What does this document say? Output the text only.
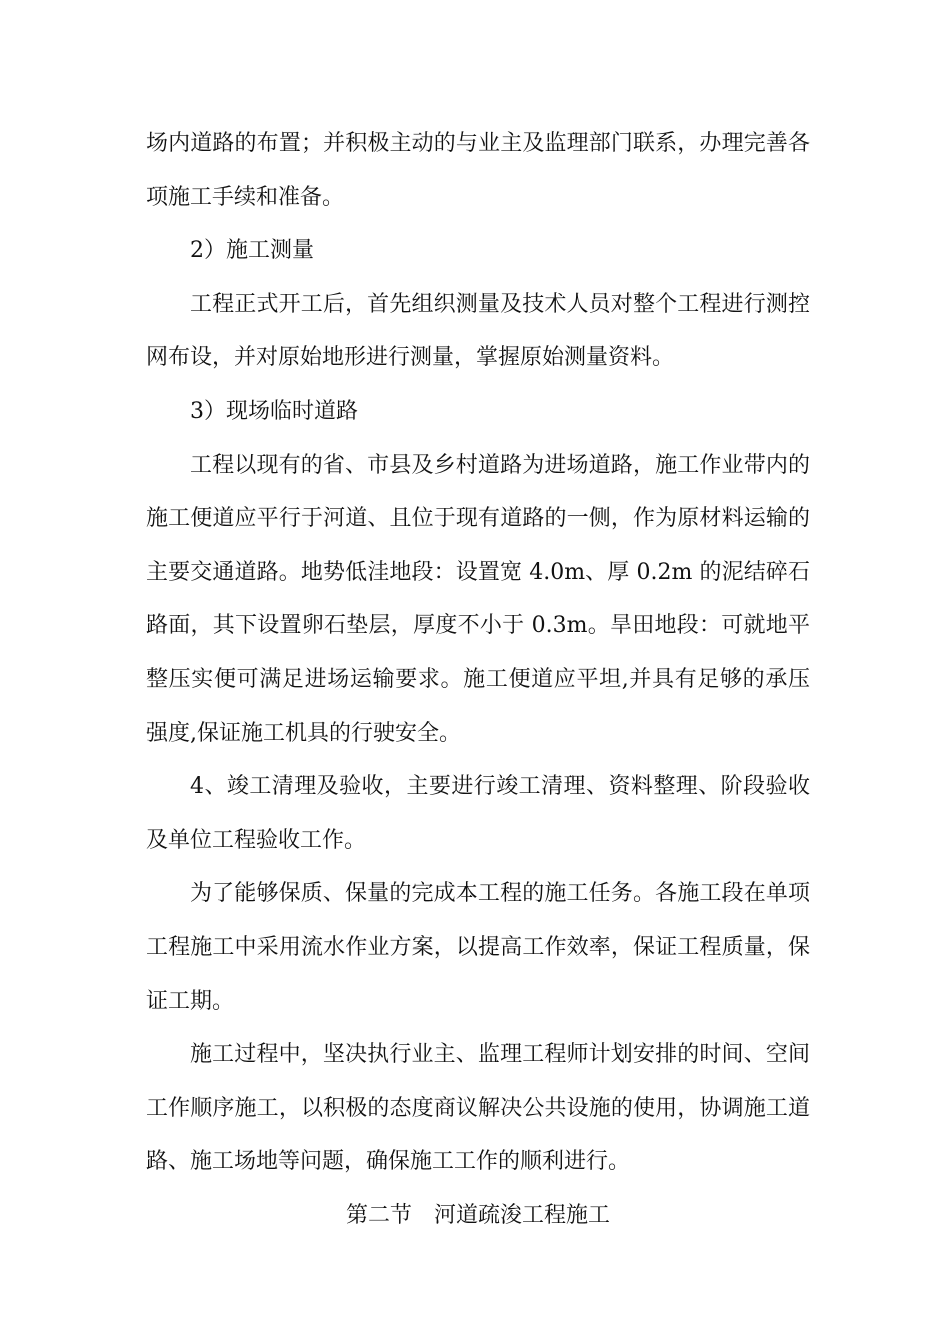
场内道路的布置；并积极主动的与业主及监理部门联系，办理完善各项施工手续和准备。

2）施工测量

工程正式开工后，首先组织测量及技术人员对整个工程进行测控网布设，并对原始地形进行测量，掌握原始测量资料。

3）现场临时道路

工程以现有的省、市县及乡村道路为进场道路，施工作业带内的施工便道应平行于河道、且位于现有道路的一侧，作为原材料运输的主要交通道路。地势低洼地段：设置宽 4.0m、厚 0.2m 的泥结碎石路面，其下设置卵石垫层，厚度不小于 0.3m。旱田地段：可就地平整压实便可满足进场运输要求。施工便道应平坦,并具有足够的承压强度,保证施工机具的行驶安全。

4、竣工清理及验收，主要进行竣工清理、资料整理、阶段验收及单位工程验收工作。

为了能够保质、保量的完成本工程的施工任务。各施工段在单项工程施工中采用流水作业方案，以提高工作效率，保证工程质量，保证工期。

施工过程中，坚决执行业主、监理工程师计划安排的时间、空间工作顺序施工，以积极的态度商议解决公共设施的使用，协调施工道路、施工场地等问题，确保施工工作的顺利进行。

第二节　河道疏浚工程施工
